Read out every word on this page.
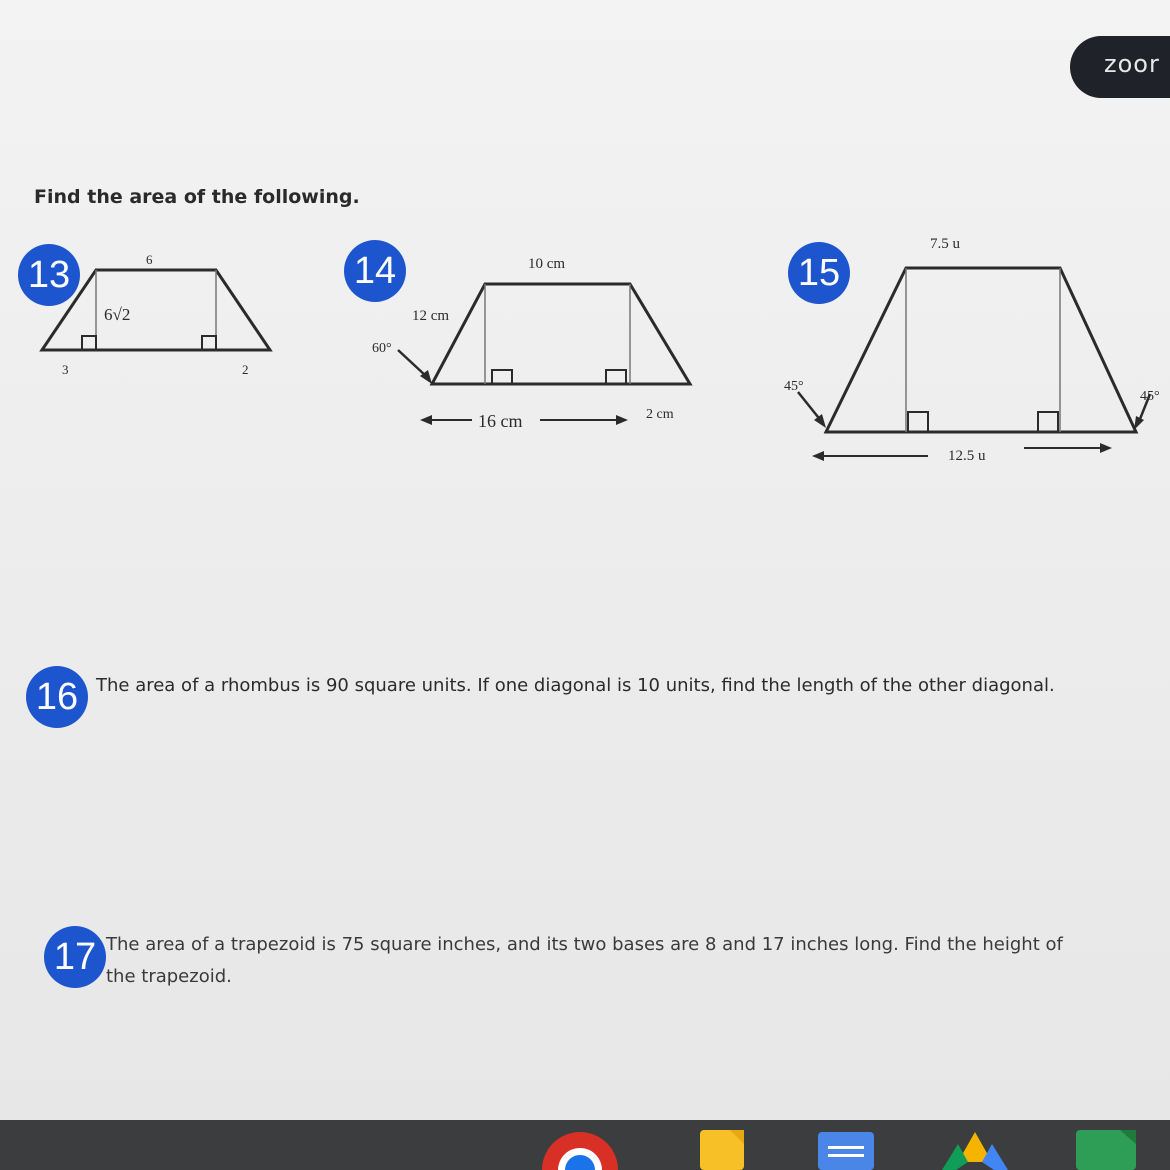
zoor
Find the area of the following.
13	6
6√2
3	2
14	10 cm
12 cm
60°
16 cm	2 cm
15
7.5 u
45°
45°
12.5 u
16 The area of a rhombus is 90 square units. If one diagonal is 10 units, find the length of the other diagonal.
17 The area of a trapezoid is 75 square inches, and its two bases are 8 and 17 inches long. Find the height of
the trapezoid.
